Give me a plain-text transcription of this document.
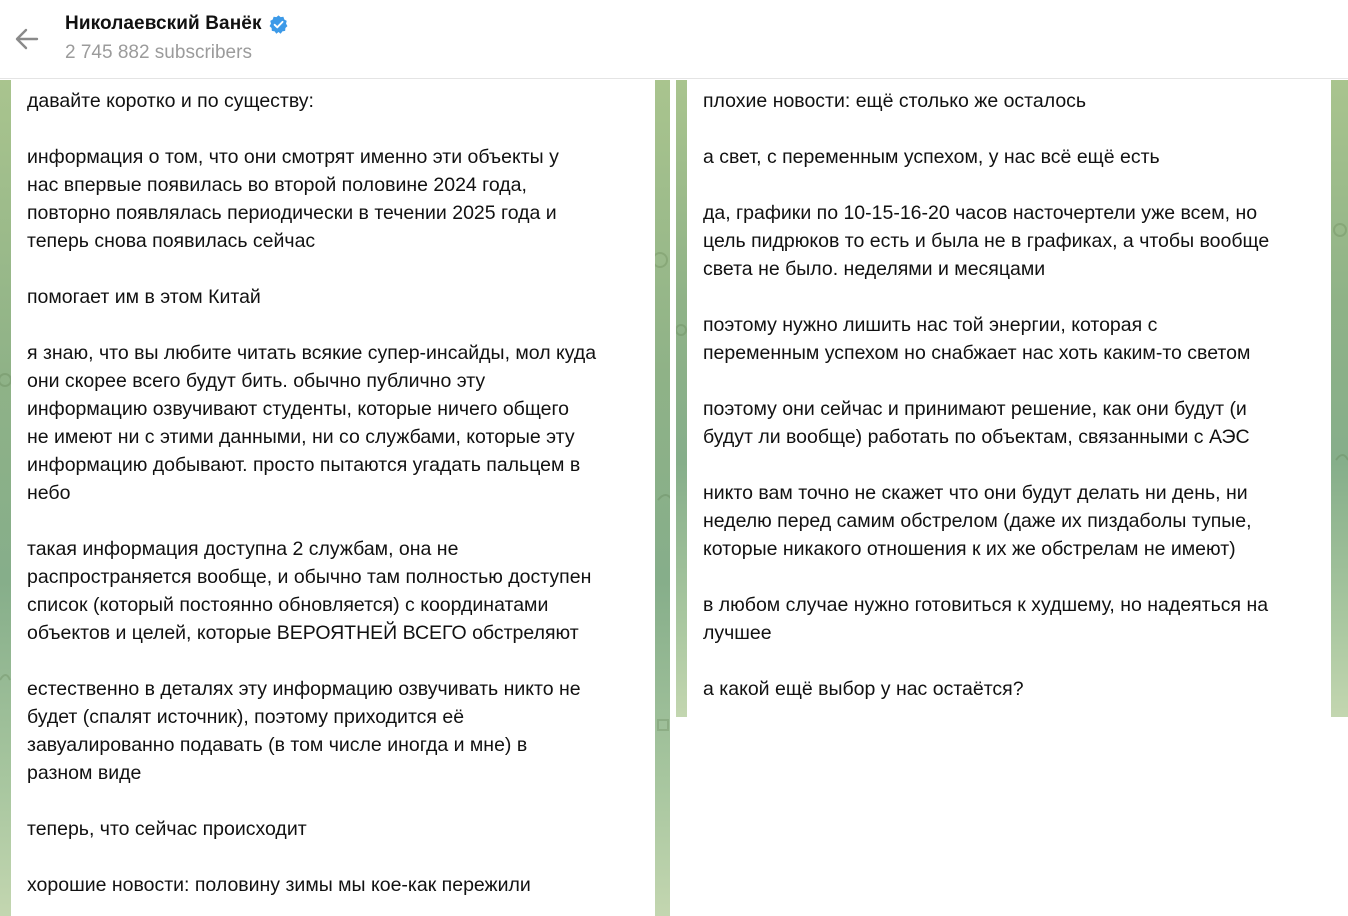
Николаевский Ванёк
2 745 882 subscribers
давайте коротко и по существу:
информация о том, что они смотрят именно эти объекты у
нас впервые появилась во второй половине 2024 года,
повторно появлялась периодически в течении 2025 года и
теперь снова появилась сейчас
помогает им в этом Китай
я знаю, что вы любите читать всякие супер-инсайды, мол куда
они скорее всего будут бить. обычно публично эту
информацию озвучивают студенты, которые ничего общего
не имеют ни с этими данными, ни со службами, которые эту
информацию добывают. просто пытаются угадать пальцем в
небо
такая информация доступна 2 службам, она не
распространяется вообще, и обычно там полностью доступен
список (который постоянно обновляется) с координатами
объектов и целей, которые ВЕРОЯТНЕЙ ВСЕГО обстреляют
естественно в деталях эту информацию озвучивать никто не
будет (спалят источник), поэтому приходится её
завуалированно подавать (в том числе иногда и мне) в
разном виде
теперь, что сейчас происходит
хорошие новости: половину зимы мы кое-как пережили
плохие новости: ещё столько же осталось
а свет, с переменным успехом, у нас всё ещё есть
да, графики по 10-15-16-20 часов насточертели уже всем, но
цель пидрюков то есть и была не в графиках, а чтобы вообще
света не было. неделями и месяцами
поэтому нужно лишить нас той энергии, которая с
переменным успехом но снабжает нас хоть каким-то светом
поэтому они сейчас и принимают решение, как они будут (и
будут ли вообще) работать по объектам, связанными с АЭС
никто вам точно не скажет что они будут делать ни день, ни
неделю перед самим обстрелом (даже их пиздаболы тупые,
которые никакого отношения к их же обстрелам не имеют)
в любом случае нужно готовиться к худшему, но надеяться на
лучшее
а какой ещё выбор у нас остаётся?
